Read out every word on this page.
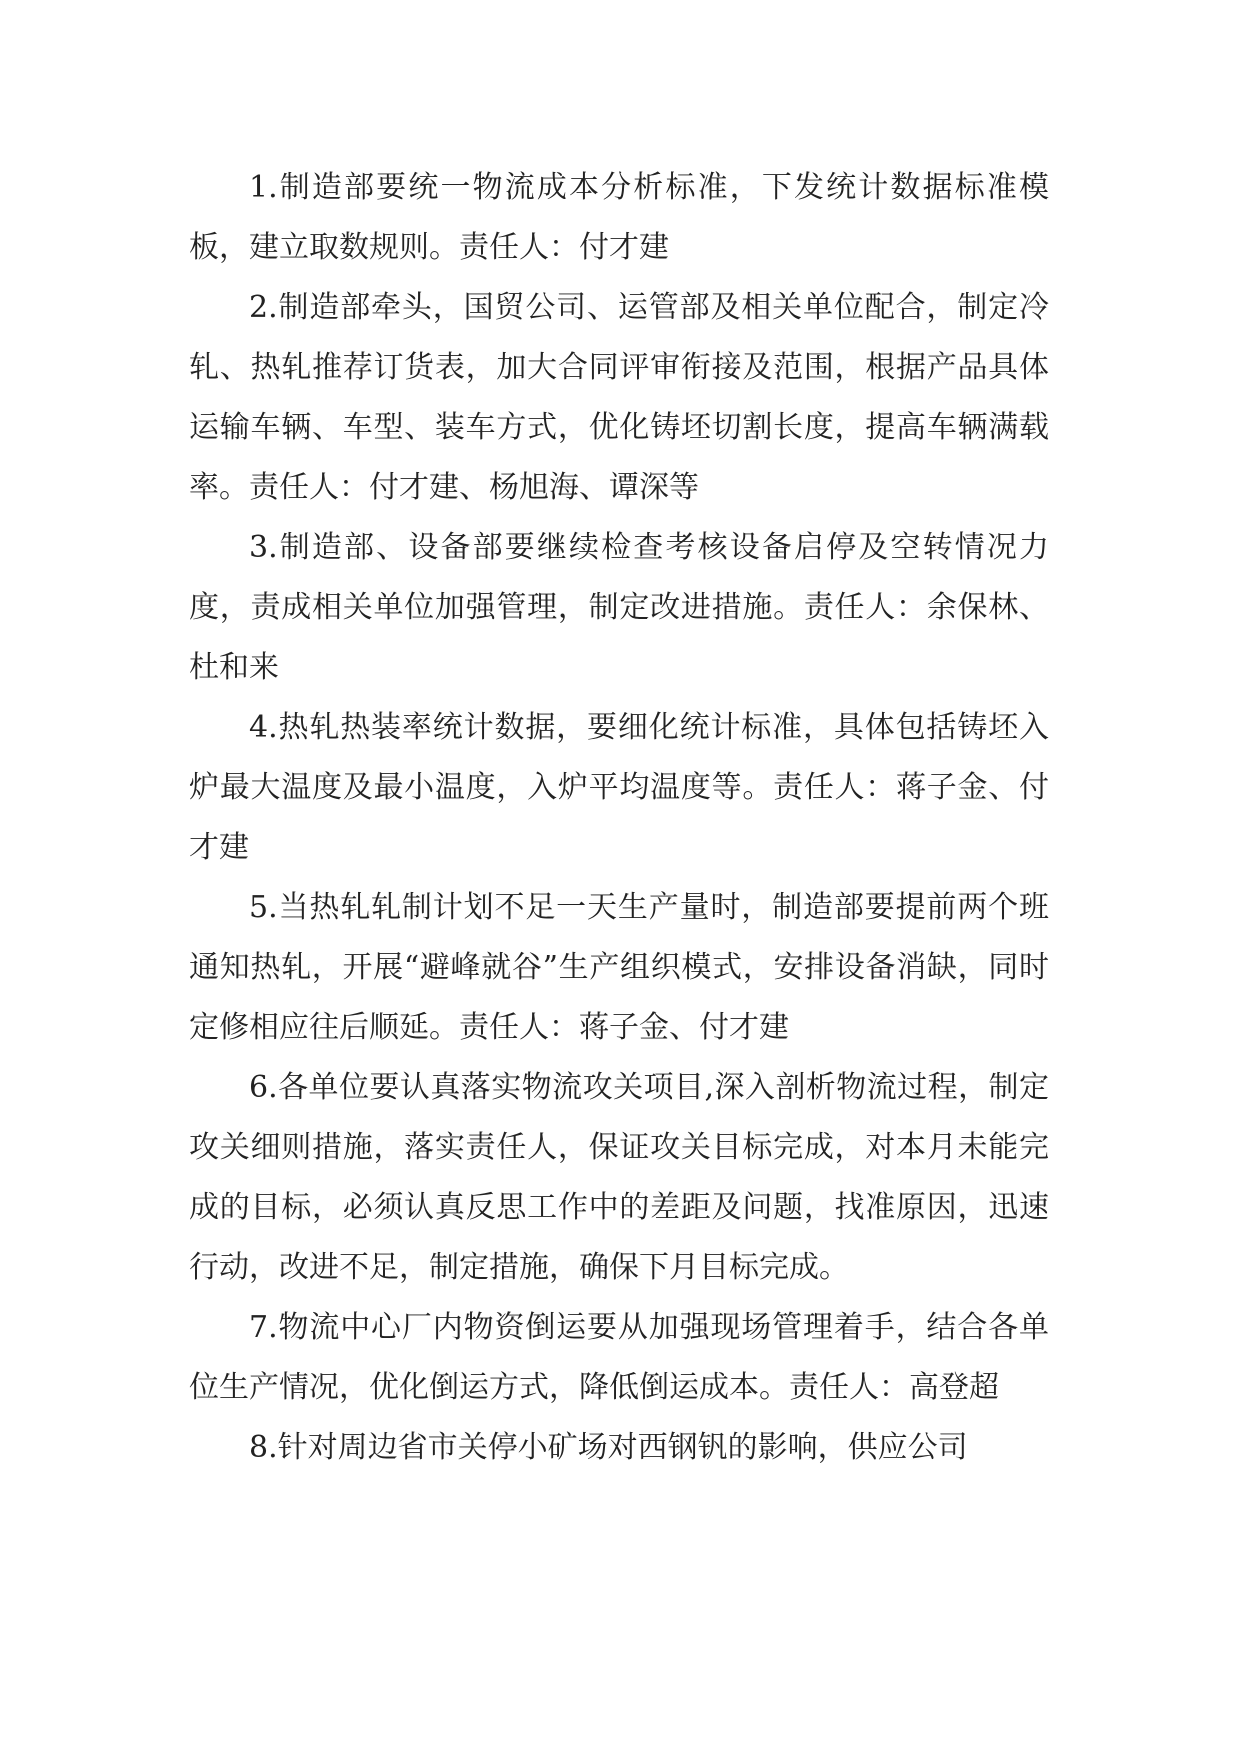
1.制造部要统一物流成本分析标准，下发统计数据标准模板，建立取数规则。责任人：付才建

2.制造部牵头，国贸公司、运管部及相关单位配合，制定冷轧、热轧推荐订货表，加大合同评审衔接及范围，根据产品具体运输车辆、车型、装车方式，优化铸坯切割长度，提高车辆满载率。责任人：付才建、杨旭海、谭深等

3.制造部、设备部要继续检查考核设备启停及空转情况力度，责成相关单位加强管理，制定改进措施。责任人：余保林、杜和来

4.热轧热装率统计数据，要细化统计标准，具体包括铸坯入炉最大温度及最小温度，入炉平均温度等。责任人：蒋子金、付才建

5.当热轧轧制计划不足一天生产量时，制造部要提前两个班通知热轧，开展“避峰就谷”生产组织模式，安排设备消缺，同时定修相应往后顺延。责任人：蒋子金、付才建

6.各单位要认真落实物流攻关项目,深入剖析物流过程，制定攻关细则措施，落实责任人，保证攻关目标完成，对本月未能完成的目标，必须认真反思工作中的差距及问题，找准原因，迅速行动，改进不足，制定措施，确保下月目标完成。

7.物流中心厂内物资倒运要从加强现场管理着手，结合各单位生产情况，优化倒运方式，降低倒运成本。责任人：高登超

8.针对周边省市关停小矿场对西钢钒的影响，供应公司
